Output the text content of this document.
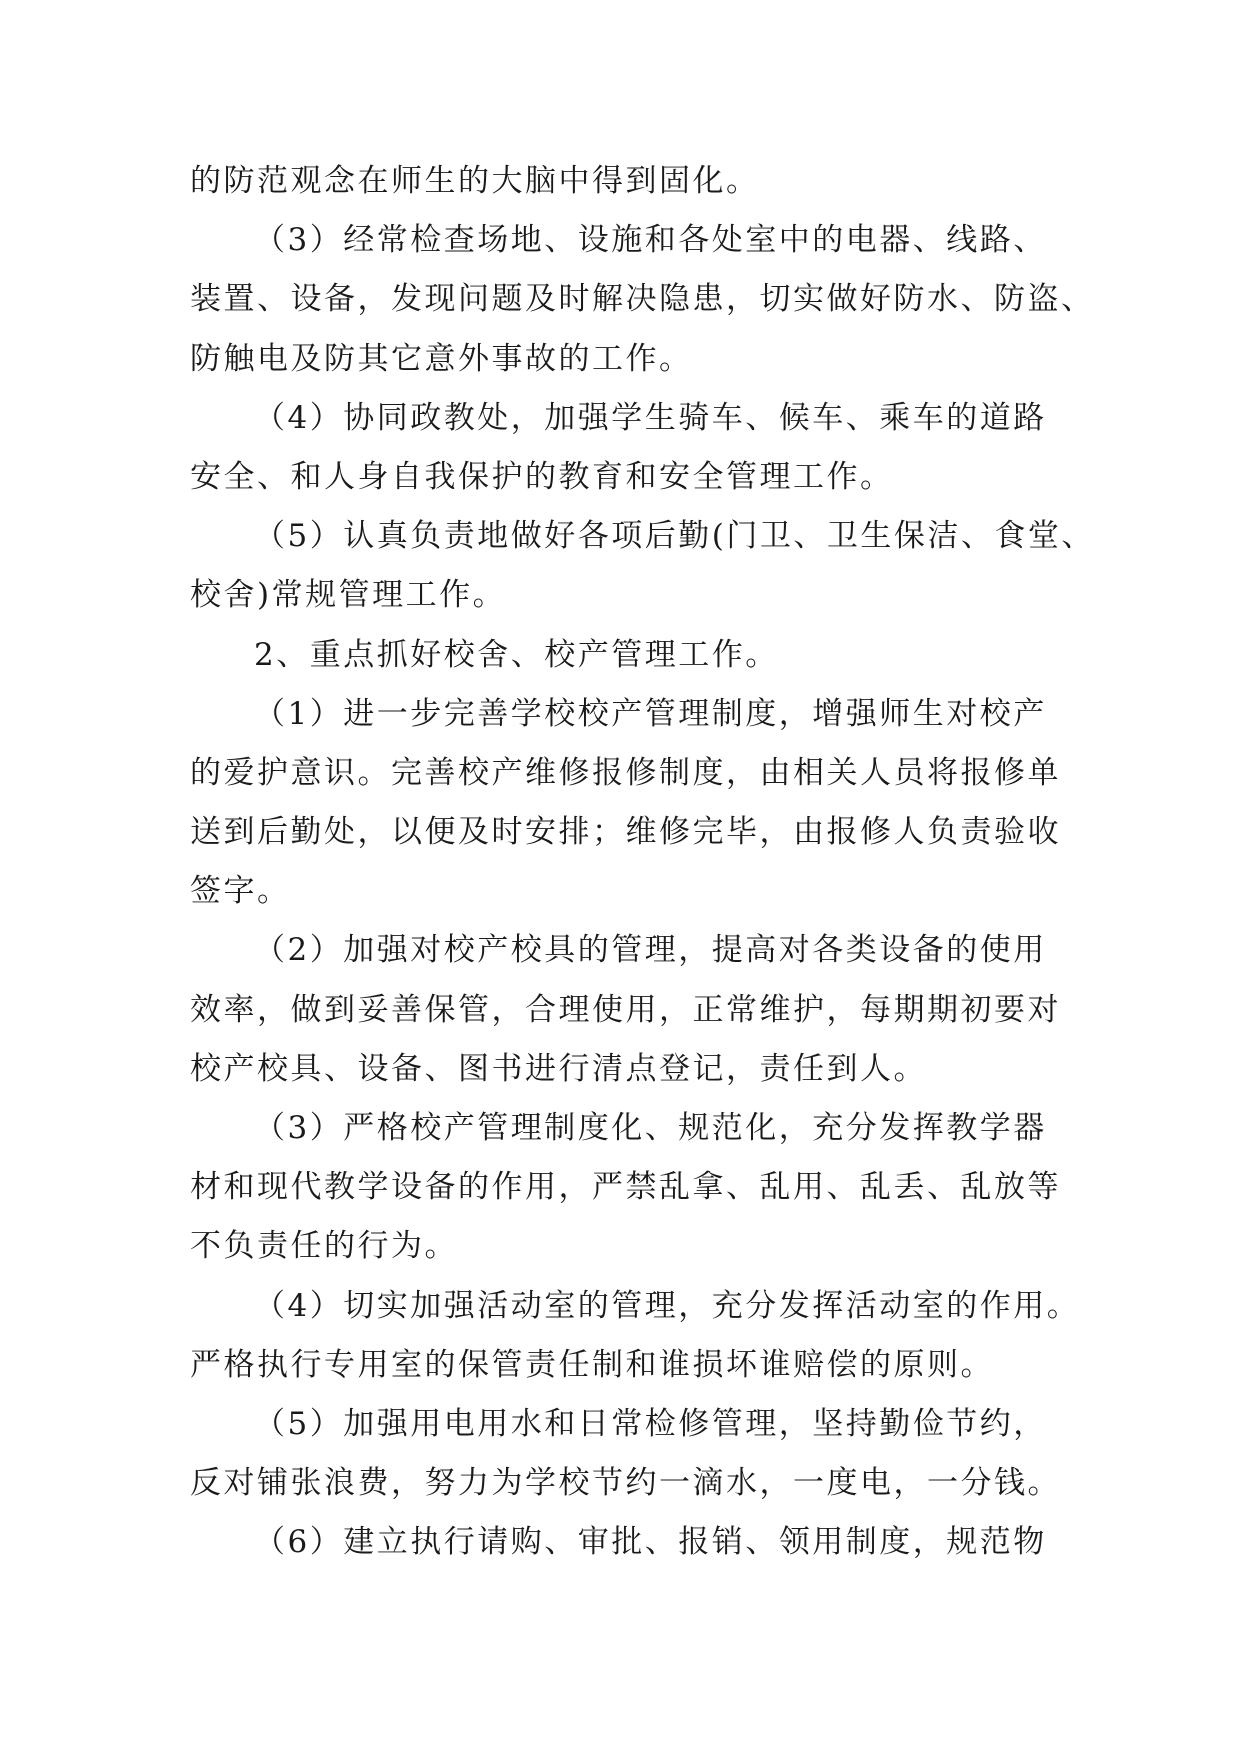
的防范观念在师生的大脑中得到固化。
（3）经常检查场地、设施和各处室中的电器、线路、
装置、设备，发现问题及时解决隐患，切实做好防水、防盗、
防触电及防其它意外事故的工作。
（4）协同政教处，加强学生骑车、候车、乘车的道路
安全、和人身自我保护的教育和安全管理工作。
（5）认真负责地做好各项后勤(门卫、卫生保洁、食堂、
校舍)常规管理工作。
2、重点抓好校舍、校产管理工作。
（1）进一步完善学校校产管理制度，增强师生对校产
的爱护意识。完善校产维修报修制度，由相关人员将报修单
送到后勤处，以便及时安排；维修完毕，由报修人负责验收
签字。
（2）加强对校产校具的管理，提高对各类设备的使用
效率，做到妥善保管，合理使用，正常维护，每期期初要对
校产校具、设备、图书进行清点登记，责任到人。
（3）严格校产管理制度化、规范化，充分发挥教学器
材和现代教学设备的作用，严禁乱拿、乱用、乱丢、乱放等
不负责任的行为。
（4）切实加强活动室的管理，充分发挥活动室的作用。
严格执行专用室的保管责任制和谁损坏谁赔偿的原则。
（5）加强用电用水和日常检修管理，坚持勤俭节约，
反对铺张浪费，努力为学校节约一滴水，一度电，一分钱。
（6）建立执行请购、审批、报销、领用制度，规范物
